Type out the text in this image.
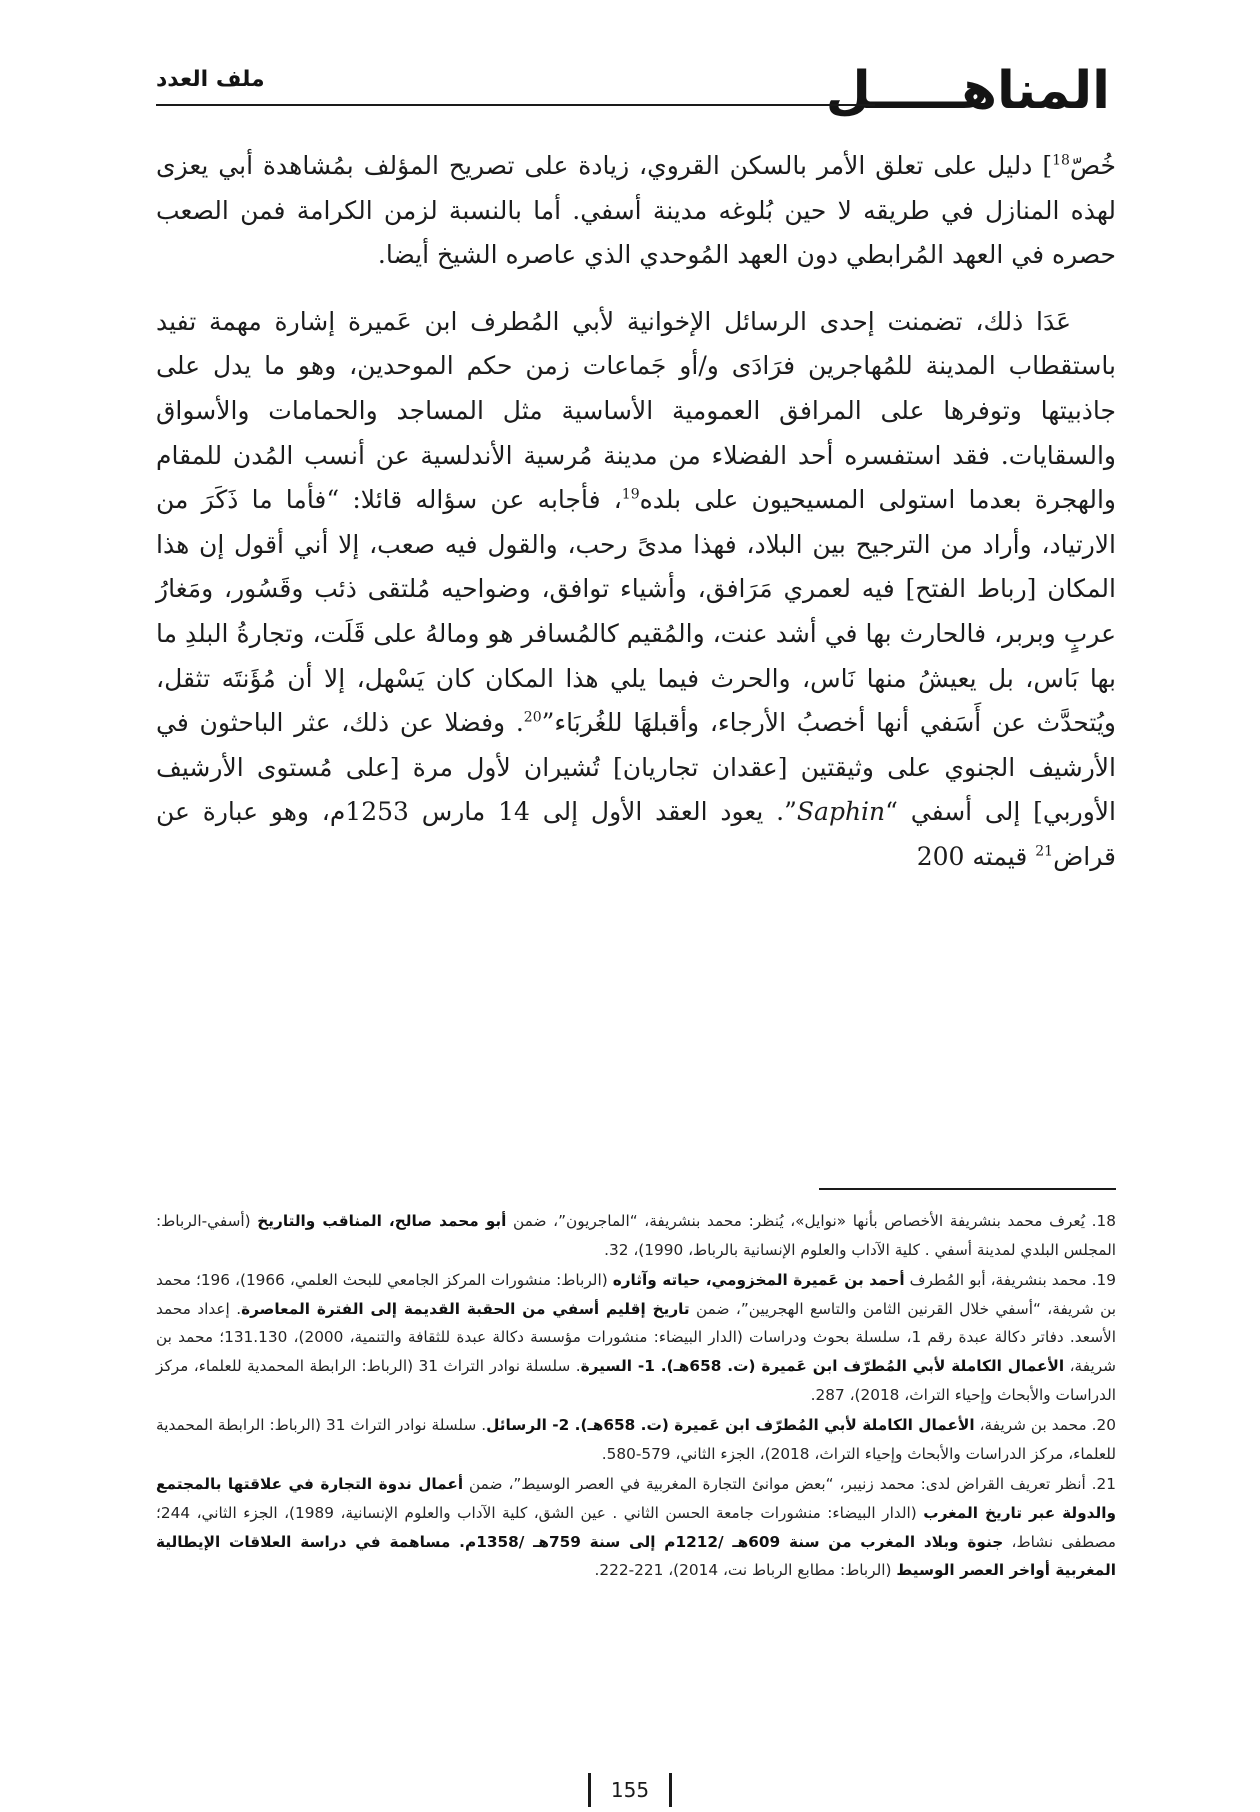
المناهـــــل
ملف العدد

خُصّ$^{18}$] دليل على تعلق الأمر بالسكن القروي، زيادة على تصريح المؤلف بمُشاهدة أبي يعزى لهذه المنازل في طريقه لا حين بُلوغه مدينة أسفي. أما بالنسبة لزمن الكرامة فمن الصعب حصره في العهد المُرابطي دون العهد المُوحدي الذي عاصره الشيخ أيضا.

عَدَا ذلك، تضمنت إحدى الرسائل الإخوانية لأبي المُطرف ابن عَميرة إشارة مهمة تفيد باستقطاب المدينة للمُهاجرين فرَادَى و/أو جَماعات زمن حكم الموحدين، وهو ما يدل على جاذبيتها وتوفرها على المرافق العمومية الأساسية مثل المساجد والحمامات والأسواق والسقايات. فقد استفسره أحد الفضلاء من مدينة مُرسية الأندلسية عن أنسب المُدن للمقام والهجرة بعدما استولى المسيحيون على بلده$^{19}$، فأجابه عن سؤاله قائلا: “فأما ما ذَكَرَ من الارتياد، وأراد من الترجيح بين البلاد، فهذا مدىً رحب، والقول فيه صعب، إلا أني أقول إن هذا المكان [رباط الفتح] فيه لعمري مَرَافق، وأشياء توافق، وضواحيه مُلتقى ذئب وقَسُور، ومَغارُ عربٍ وبربر، فالحارث بها في أشد عنت، والمُقيم كالمُسافر هو ومالهُ على قَلَت، وتجارةُ البلدِ ما بها بَاس، بل يعيشُ منها نَاس، والحرث فيما يلي هذا المكان كان يَسْهل، إلا أن مُؤَنتَه تثقل، ويُتحدَّث عن أَسَفي أنها أخصبُ الأرجاء، وأقبلهَا للغُربَاء”$^{20}$. وفضلا عن ذلك، عثر الباحثون في الأرشيف الجنوي على وثيقتين [عقدان تجاريان] تُشيران لأول مرة [على مُستوى الأرشيف الأوربي] إلى أسفي “Saphin”. يعود العقد الأول إلى 14 مارس 1253م، وهو عبارة عن قراض$^{21}$ قيمته 200

18. يُعرف محمد بنشريفة الأخصاص بأنها «نوايل»، يُنظر: محمد بنشريفة، “الماجريون”، ضمن أبو محمد صالح، المناقب والتاريخ (أسفي-الرباط: المجلس البلدي لمدينة أسفي . كلية الآداب والعلوم الإنسانية بالرباط، 1990)، 32.

19. محمد بنشريفة، أبو المُطرف أحمد بن عَميرة المخزومي، حياته وآثاره (الرباط: منشورات المركز الجامعي للبحث العلمي، 1966)، 196؛ محمد بن شريفة، “أسفي خلال القرنين الثامن والتاسع الهجريين”، ضمن تاريخ إقليم أسفي من الحقبة القديمة إلى الفترة المعاصرة. إعداد محمد الأسعد. دفاتر دكالة عبدة رقم 1، سلسلة بحوث ودراسات (الدار البيضاء: منشورات مؤسسة دكالة عبدة للثقافة والتنمية، 2000)، 131.130؛ محمد بن شريفة، الأعمال الكاملة لأبي المُطرّف ابن عَميرة (ت. 658هـ). 1- السيرة. سلسلة نوادر التراث 31 (الرباط: الرابطة المحمدية للعلماء، مركز الدراسات والأبحاث وإحياء التراث، 2018)، 287.

20. محمد بن شريفة، الأعمال الكاملة لأبي المُطرّف ابن عَميرة (ت. 658هـ). 2- الرسائل. سلسلة نوادر التراث 31 (الرباط: الرابطة المحمدية للعلماء، مركز الدراسات والأبحاث وإحياء التراث، 2018)، الجزء الثاني، 579-580.

21. أنظر تعريف القراض لدى: محمد زنيبر، “بعض موانئ التجارة المغربية في العصر الوسيط”، ضمن أعمال ندوة التجارة في علاقتها بالمجتمع والدولة عبر تاريخ المغرب (الدار البيضاء: منشورات جامعة الحسن الثاني . عين الشق، كلية الآداب والعلوم الإنسانية، 1989)، الجزء الثاني، 244؛ مصطفى نشاط، جنوة وبلاد المغرب من سنة 609هـ /1212م إلى سنة 759هـ /1358م. مساهمة في دراسة العلاقات الإيطالية المغربية أواخر العصر الوسيط (الرباط: مطابع الرباط نت، 2014)، 221-222.

155
